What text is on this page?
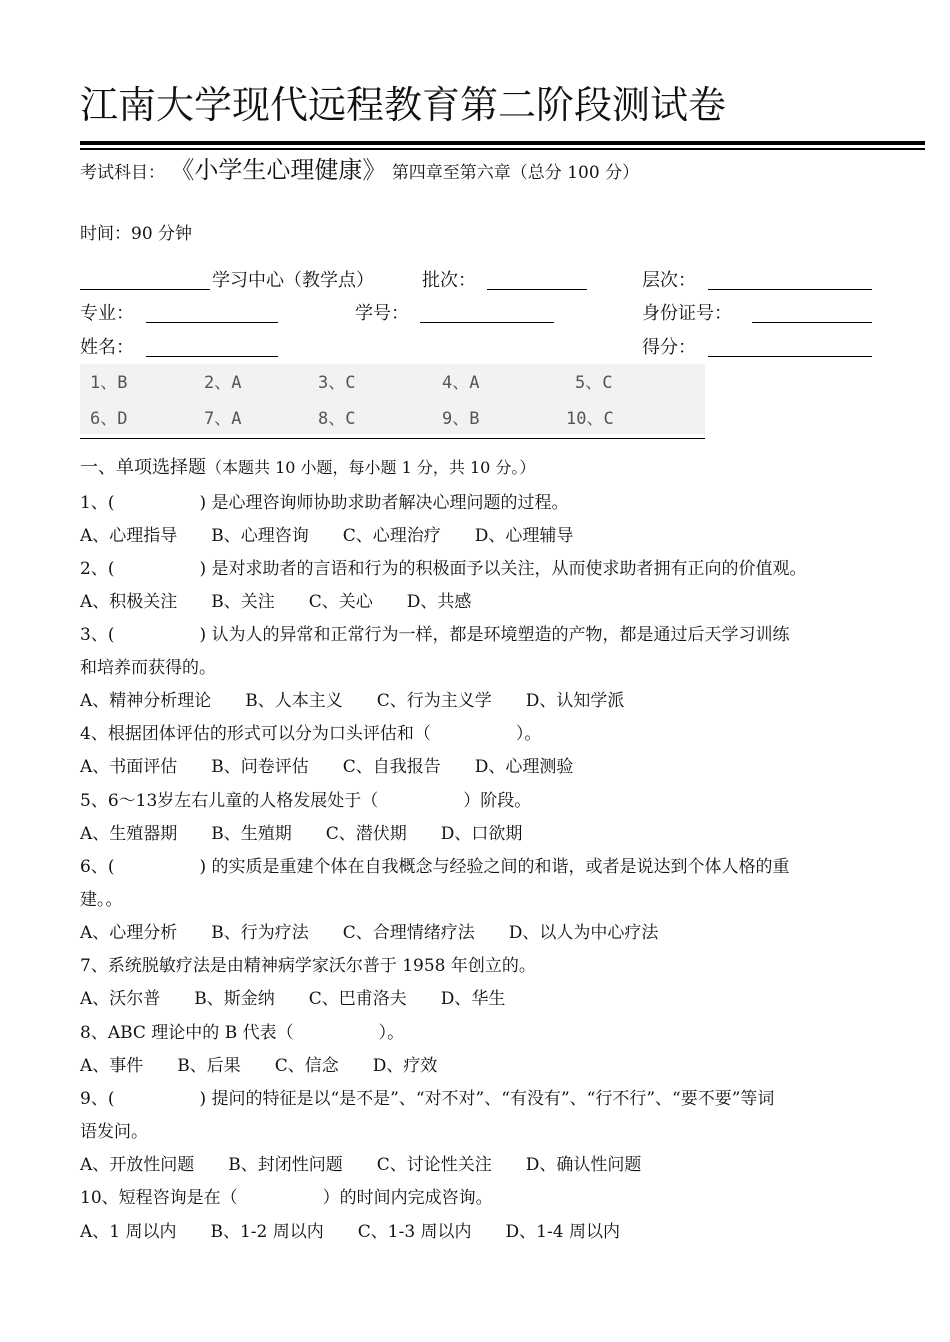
江南大学现代远程教育第二阶段测试卷
考试科目： 《小学生心理健康》 第四章至第六章（总分 100 分）
时间：90 分钟
学习中心（教学点）	批次：	层次：
专业：	学号：	身份证号：
姓名：	得分：
1、B	2、A	3、C	4、A	5、C
6、D	7、A	8、C	9、B	10、C
一、单项选择题（本题共 10 小题，每小题 1 分，共 10 分。）
1、(　　　　　) 是心理咨询师协助求助者解决心理问题的过程。
A、心理指导　　B、心理咨询　　C、心理治疗　　D、心理辅导
2、(　　　　　) 是对求助者的言语和行为的积极面予以关注，从而使求助者拥有正向的价值观。
A、积极关注　　B、关注　　C、关心　　D、共感
3、(　　　　　) 认为人的异常和正常行为一样，都是环境塑造的产物，都是通过后天学习训练
和培养而获得的。
A、精神分析理论　　B、人本主义　　C、行为主义学　　D、认知学派
4、根据团体评估的形式可以分为口头评估和（　　　　　）。
A、书面评估　　B、问卷评估　　C、自我报告　　D、心理测验
5、6～13岁左右儿童的人格发展处于（　　　　　）阶段。
A、生殖器期　　B、生殖期　　C、潜伏期　　D、口欲期
6、(　　　　　) 的实质是重建个体在自我概念与经验之间的和谐，或者是说达到个体人格的重
建。。
A、心理分析　　B、行为疗法　　C、合理情绪疗法　　D、以人为中心疗法
7、系统脱敏疗法是由精神病学家沃尔普于 1958 年创立的。
A、沃尔普　　B、斯金纳　　C、巴甫洛夫　　D、华生
8、ABC 理论中的 B 代表（　　　　　）。
A、事件　　B、后果　　C、信念　　D、疗效
9、(　　　　　) 提问的特征是以“是不是”、“对不对”、“有没有”、“行不行”、“要不要”等词
语发问。
A、开放性问题　　B、封闭性问题　　C、讨论性关注　　D、确认性问题
10、短程咨询是在（　　　　　）的时间内完成咨询。
A、1 周以内　　B、1-2 周以内　　C、1-3 周以内　　D、1-4 周以内
